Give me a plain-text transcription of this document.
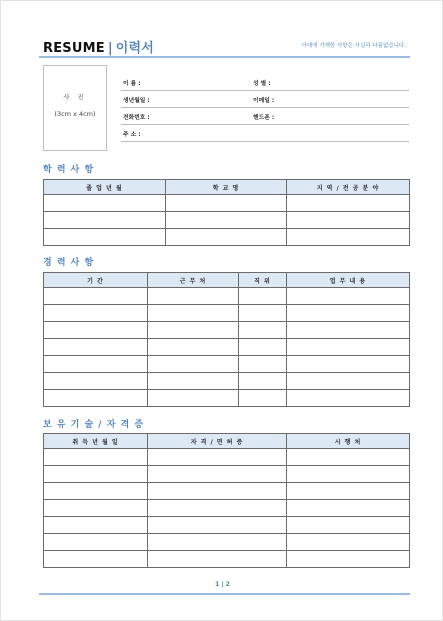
RESUME | 이력서	아래에 기재한 사항은 사실과 다름없습니다.
사 진
(3cm x 4cm)
이 름 :	성 별 :
생년월일 :	이메일 :
전화번호 :	핸드폰 :
주 소 :
학 력 사 항
졸 업 년 월	학 교 명	지 역 / 전 공 분 야

경 력 사 항
기 간	근 무 처	직 위	업 무 내 용

보 유 기 술 / 자 격 증
취 득 년 월 일	자 격 / 면 허 증	시 행 처

1 | 2
